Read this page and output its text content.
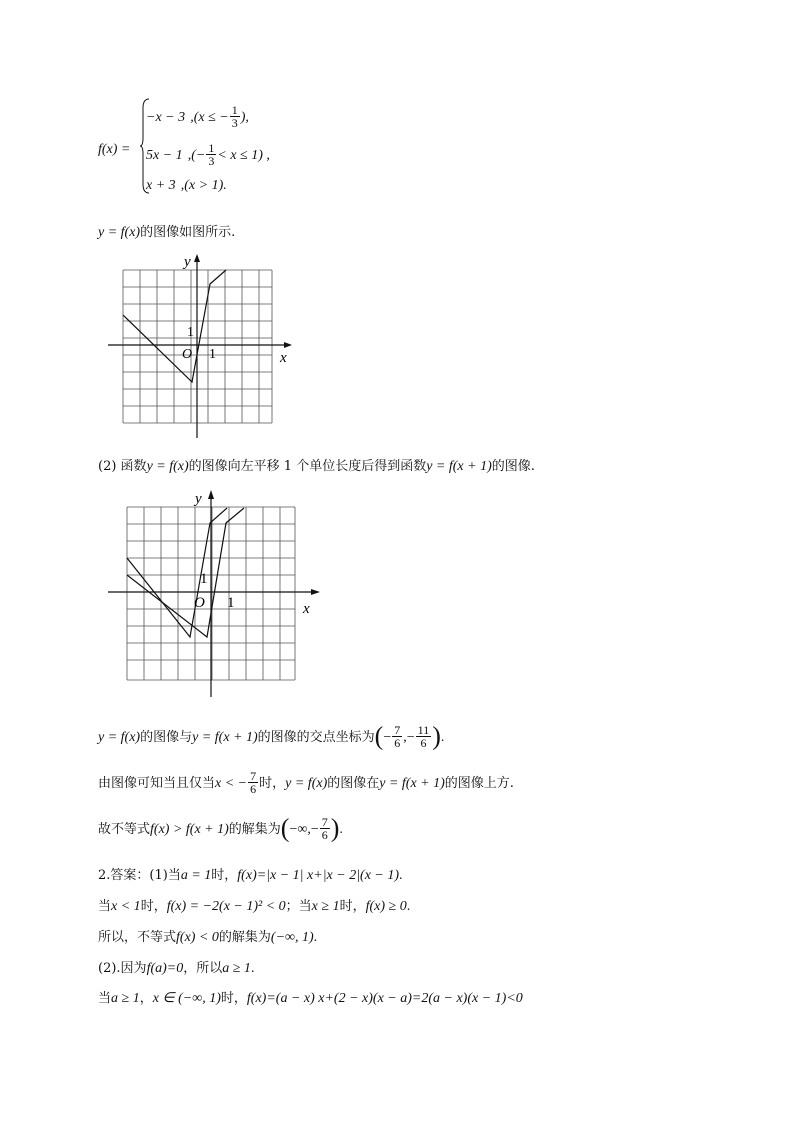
f(x) =
−x − 3 ,(x ≤ − $\frac{1}{3}$ ),
5x − 1 ,(− $\frac{1}{3} < x \le 1$) ,
x + 3 ,(x > 1).
y = f(x)的图像如图所示.
y
x
O 1
1
(2) 函数y = f(x)的图像向左平移 1 个单位长度后得到函数y = f(x + 1)的图像.
y
x
O 1
1
y = f(x)的图像与y = f(x + 1)的图像的交点坐标为(− $\frac{7}{6}$ ,− $\frac{11}{6}$ ).
由图像可知当且仅当x < − $\frac{7}{6}$ 时，y = f(x)的图像在y = f(x + 1)的图像上方.
故不等式f(x) > f(x + 1)的解集为(−∞,− $\frac{7}{6}$ ).
2.答案：(1)当a = 1时，f(x)=|x − 1| x+|x − 2|(x − 1).
当x < 1时，f(x) = −2(x − 1)² < 0；当x ≥ 1时，f(x) ≥ 0.
所以，不等式f(x) < 0的解集为(−∞, 1).
(2).因为f(a)=0，所以a ≥ 1.
当a ≥ 1，x ∈ (−∞, 1)时，f(x)=(a − x) x+(2 − x)(x − a)=2(a − x)(x − 1)<0
